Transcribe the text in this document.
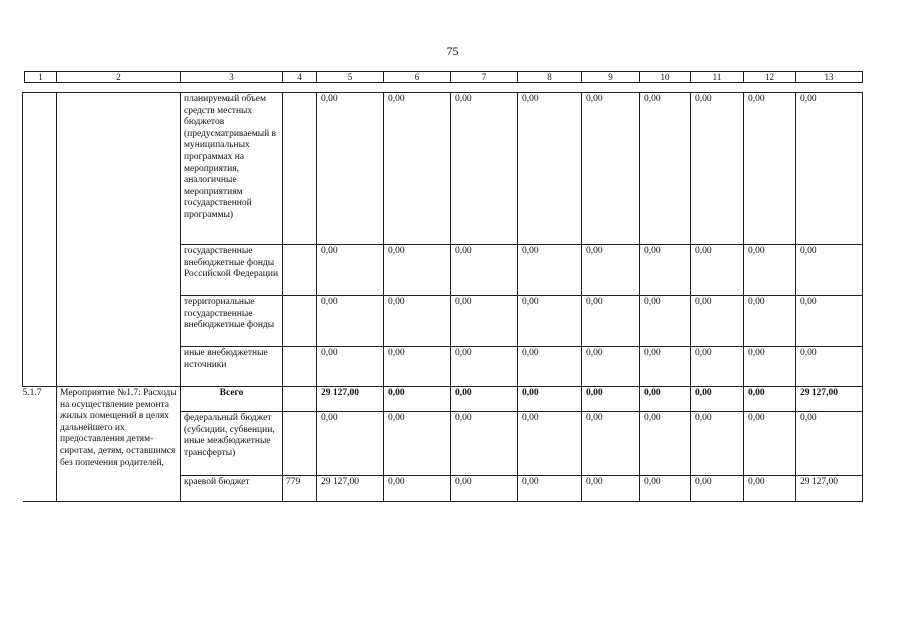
75
1	2	3	4	5	6	7	8	9	10	11	12	13
		планируемый объем средств местных бюджетов (предусматриваемый в муниципальных программах на мероприятия, аналогичные мероприятиям государственной программы)		0,00	0,00	0,00	0,00	0,00	0,00	0,00	0,00	0,00
		государственные внебюджетные фонды Российской Федерации		0,00	0,00	0,00	0,00	0,00	0,00	0,00	0,00	0,00
		территориальные государственные внебюджетные фонды		0,00	0,00	0,00	0,00	0,00	0,00	0,00	0,00	0,00
		иные внебюджетные источники		0,00	0,00	0,00	0,00	0,00	0,00	0,00	0,00	0,00
5.1.7	Мероприятие №1.7: Расходы на осуществление ремонта жилых помещений в целях дальнейшего их предоставления детям-сиротам, детям, оставшимся без попечения родителей,	Всего		29 127,00	0,00	0,00	0,00	0,00	0,00	0,00	0,00	29 127,00
		федеральный бюджет (субсидии, субвенции, иные межбюджетные трансферты)		0,00	0,00	0,00	0,00	0,00	0,00	0,00	0,00	0,00
		краевой бюджет	779	29 127,00	0,00	0,00	0,00	0,00	0,00	0,00	0,00	29 127,00
